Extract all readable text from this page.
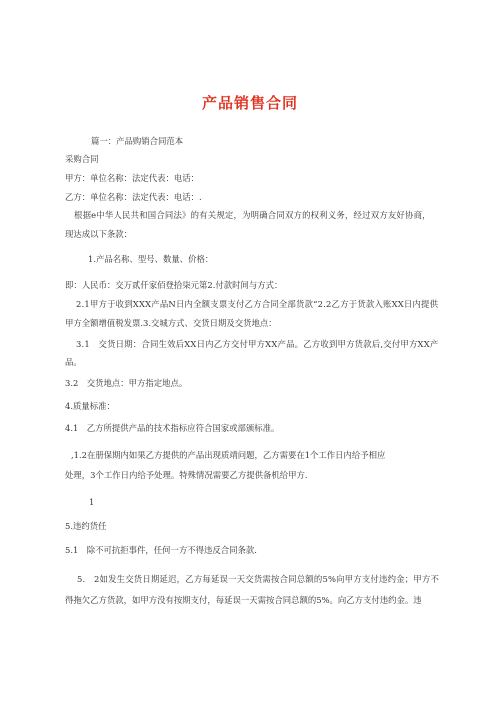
产品销售合同
篇一：产品购销合同范本
采购合同
甲方：单位名称：法定代表：电话：
乙方：单位名称：法定代表：电话：.
根据e中华人民共和国合同法》的有关规定，为明确合同双方的权利义务，经过双方友好协商，
现达成以下条款：
1.产品名称、型号、数量、价格：
即：人民币：交万贰仟家佰登拾柒元第2.付款时间与方式：
2.1甲方于收到XXX产品N日内全额支票支付乙方合同全部货款“2.2乙方于货款入账XX日内提供
甲方全额增值税发票.3.交城方式、交货日期及交货地点：
3.1　交货日期：合同生效后XX日内乙方交付甲方XX产品。乙方收到甲方货款后,交付甲方XX产
品。
3.2　交货地点：甲方指定地点。
4.质量标准：
4.1　乙方所提供产品的技术指标应符合国家或部颁标准。
,1.2在册保期内如果乙方提供的产品出现质靖问题，乙方需要在1个工作日内给予相应
处理，3个工作日内给予处理。特殊情况需要乙方提供备机给甲方.
1
5.违约货任
5.1　除不可抗拒事件，任何一方不得违反合同条款.
5.　2如发生交货日期延迟，乙方每延误一天交货需按合同总额的5%向甲方支付违约金；甲方不
得拖欠乙方货款，如甲方没有按期支付，每延误一天需按合同总额的5%。向乙方支付违约金。违
